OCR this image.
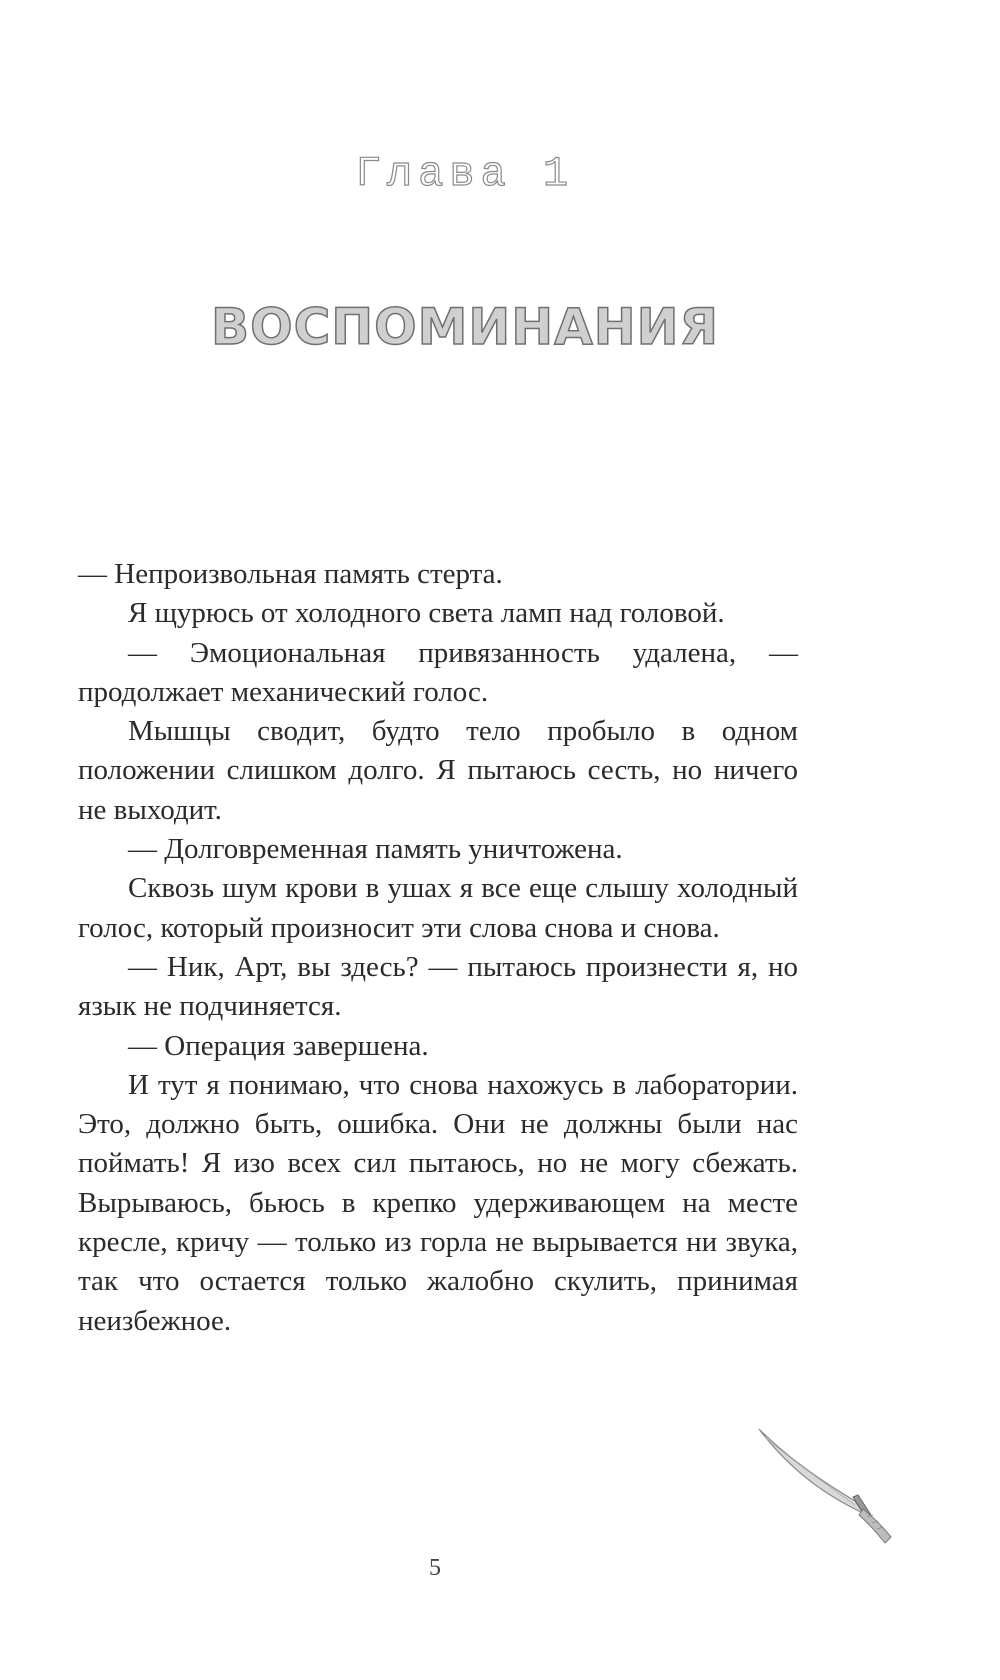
Глава 1
ВОСПОМИНАНИЯ

— Непроизвольная память стерта.

Я щурюсь от холодного света ламп над головой.

— Эмоциональная привязанность удалена, — продолжает механический голос.

Мышцы сводит, будто тело пробыло в одном положении слишком долго. Я пытаюсь сесть, но ничего не выходит.

— Долговременная память уничтожена.

Сквозь шум крови в ушах я все еще слышу холодный голос, который произносит эти слова снова и снова.

— Ник, Арт, вы здесь? — пытаюсь произнести я, но язык не подчиняется.

— Операция завершена.

И тут я понимаю, что снова нахожусь в лаборатории. Это, должно быть, ошибка. Они не должны были нас поймать! Я изо всех сил пытаюсь, но не могу сбежать. Вырываюсь, бьюсь в крепко удерживающем на месте кресле, кричу — только из горла не вырывается ни звука, так что остается только жалобно скулить, принимая неизбежное.

5
